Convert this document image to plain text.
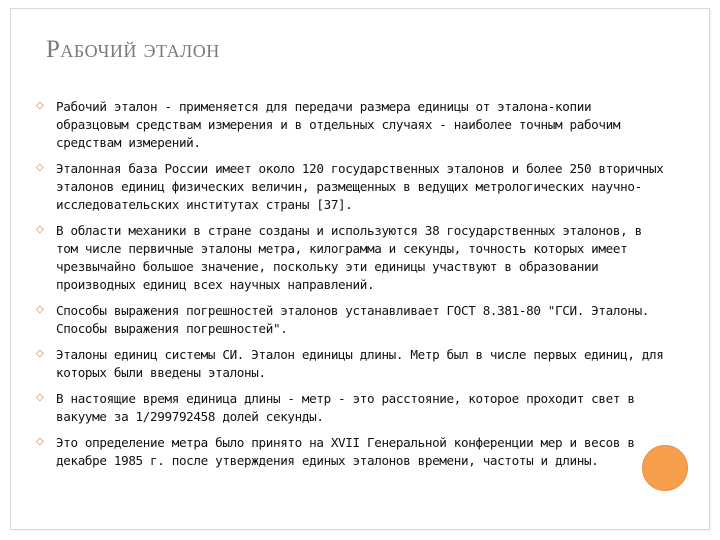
Рабочий эталон
◇ Рабочий эталон - применяется для передачи размера единицы от эталона-копии образцовым средствам измерения и в отдельных случаях - наиболее точным рабочим средствам измерений.
◇ Эталонная база России имеет около 120 государственных эталонов и более 250 вторичных эталонов единиц физических величин, размещенных в ведущих метрологических научно-исследовательских институтах страны [37].
◇ В области механики в стране созданы и используются 38 государственных эталонов, в том числе первичные эталоны метра, килограмма и секунды, точность которых имеет чрезвычайно большое значение, поскольку эти единицы участвуют в образовании производных единиц всех научных направлений.
◇ Способы выражения погрешностей эталонов устанавливает ГОСТ 8.381-80 "ГСИ. Эталоны. Способы выражения погрешностей".
◇ Эталоны единиц системы СИ. Эталон единицы длины. Метр был в числе первых единиц, для которых были введены эталоны.
◇ В настоящие время единица длины - метр - это расстояние, которое проходит свет в вакууме за 1/299792458 долей секунды.
◇ Это определение метра было принято на XVII Генеральной конференции мер и весов в декабре 1985 г. после утверждения единых эталонов времени, частоты и длины.
